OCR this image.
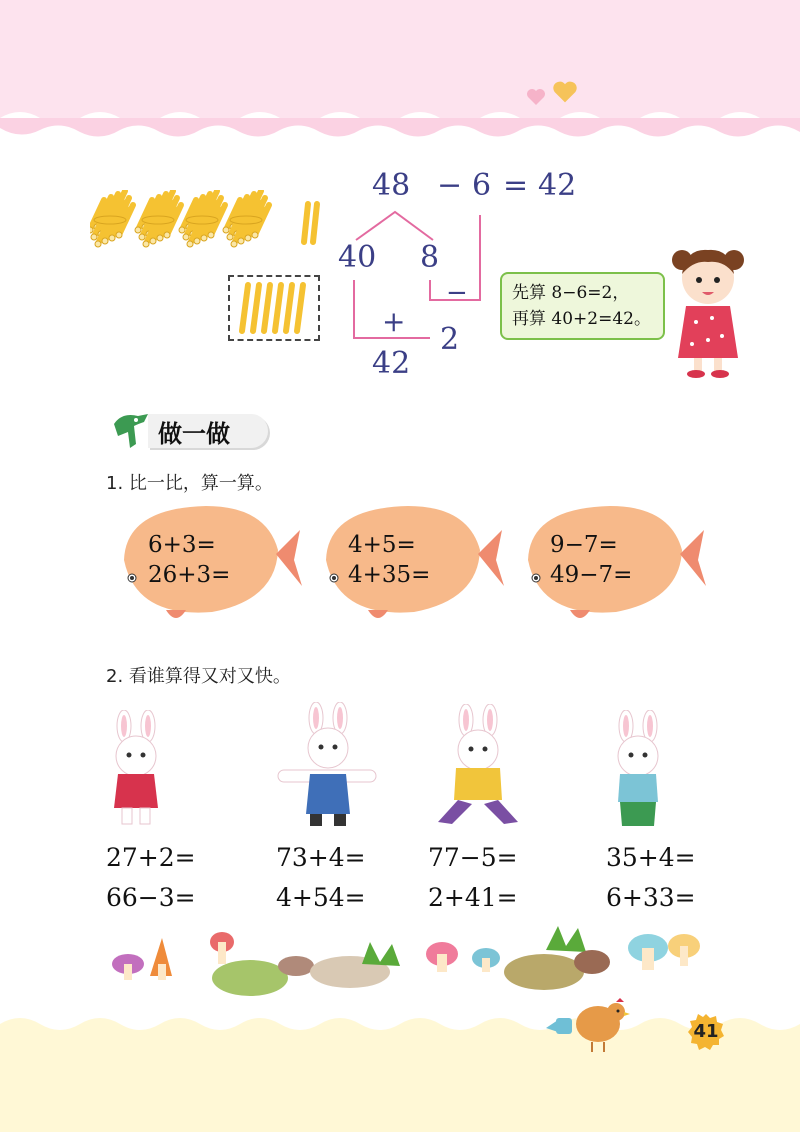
48 − 6 = 42
40 8
−
+
2
42
先算 8−6=2，
再算 40+2=42。
做一做
1. 比一比，算一算。
6+3=
26+3=
4+5=
4+35=
9−7=
49−7=
2. 看谁算得又对又快。
27+2=
66−3=
73+4=
4+54=
77−5=
2+41=
35+4=
6+33=
41
